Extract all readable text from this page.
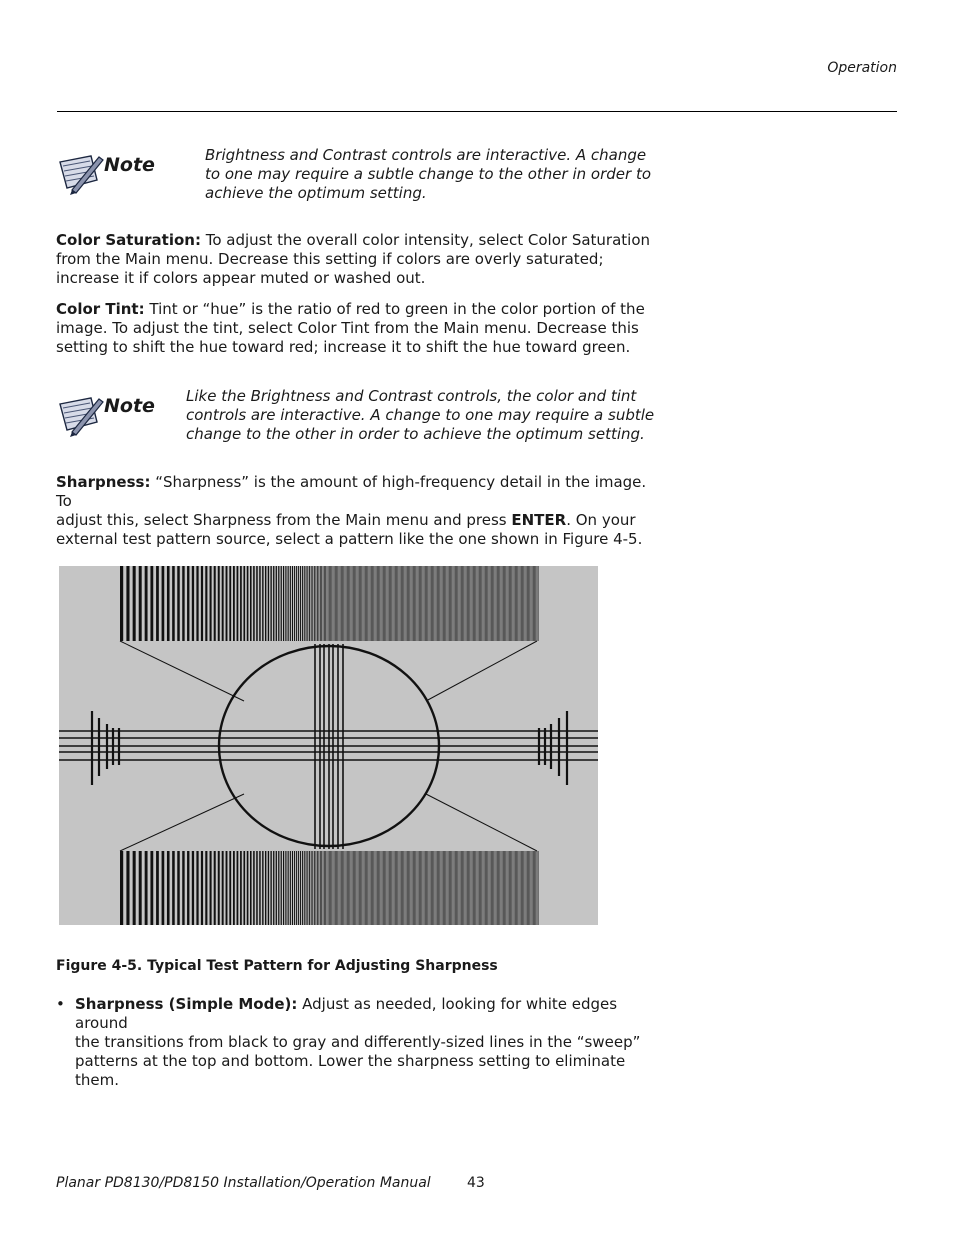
Operation
Note	Brightness and Contrast controls are interactive. A change
to one may require a subtle change to the other in order to
achieve the optimum setting.
Color Saturation: To adjust the overall color intensity, select Color Saturation
from the Main menu. Decrease this setting if colors are overly saturated;
increase it if colors appear muted or washed out.
Color Tint: Tint or “hue” is the ratio of red to green in the color portion of the
image. To adjust the tint, select Color Tint from the Main menu. Decrease this
setting to shift the hue toward red; increase it to shift the hue toward green.
Note Like the Brightness and Contrast controls, the color and tint
controls are interactive. A change to one may require a subtle
change to the other in order to achieve the optimum setting.
Sharpness: “Sharpness” is the amount of high-frequency detail in the image. To
adjust this, select Sharpness from the Main menu and press ENTER. On your
external test pattern source, select a pattern like the one shown in Figure 4-5.
Figure 4-5. Typical Test Pattern for Adjusting Sharpness
• Sharpness (Simple Mode): Adjust as needed, looking for white edges around
the transitions from black to gray and differently-sized lines in the “sweep”
patterns at the top and bottom. Lower the sharpness setting to eliminate
them.
Planar PD8130/PD8150 Installation/Operation Manual	43
